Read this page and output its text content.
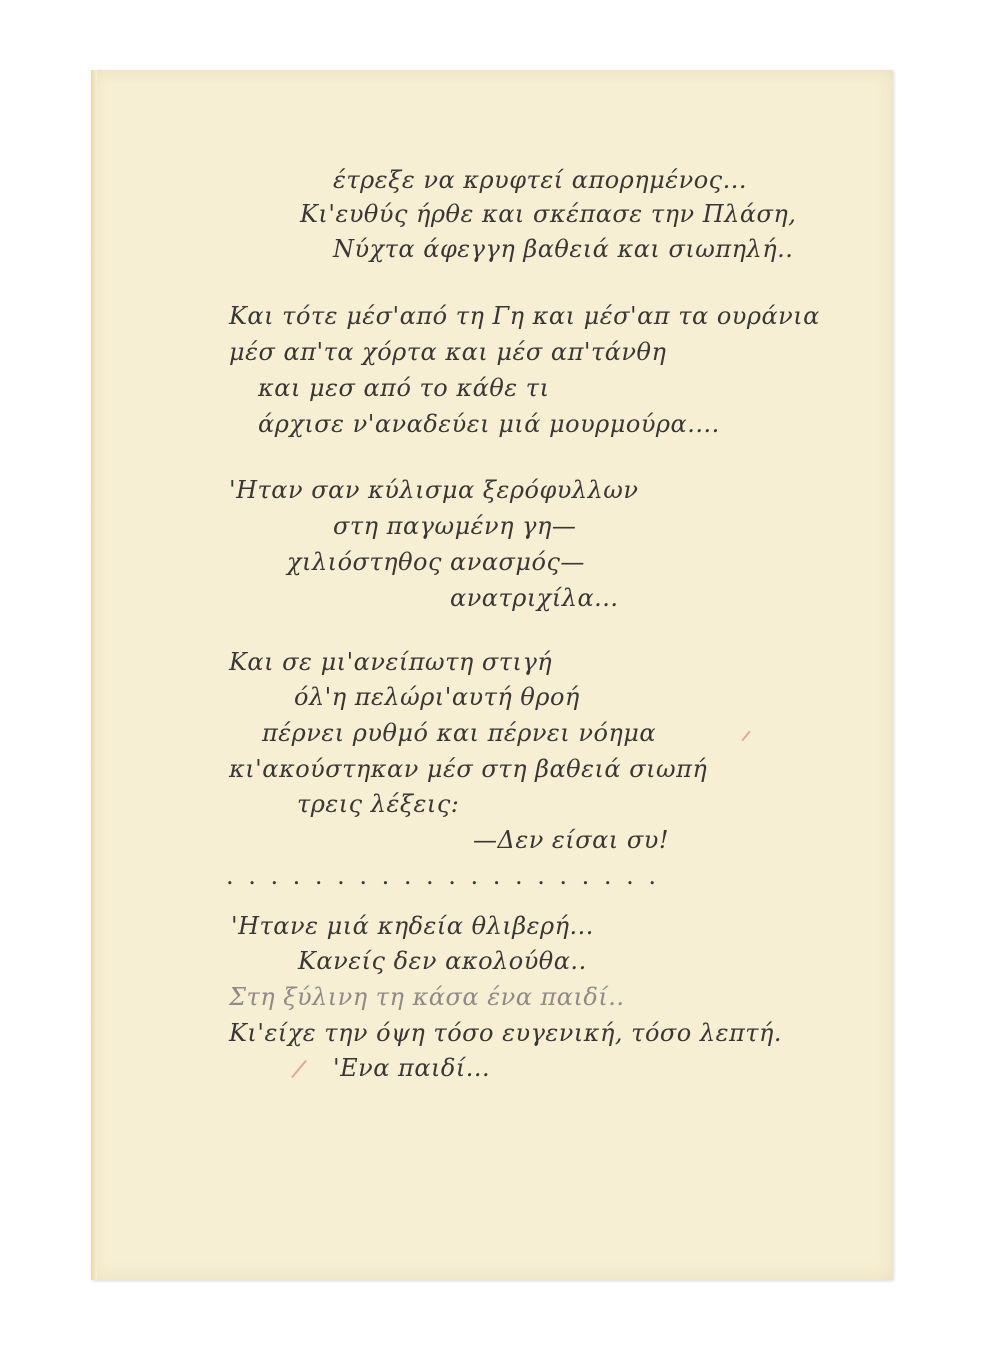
έτρεξε να κρυφτεί απορημένος...
Κι'ευθύς ήρθε και σκέπασε την Πλάση,
Νύχτα άφεγγη βαθειά και σιωπηλή..
Και τότε μέσ'από τη Γη και μέσ'απ τα ουράνια
μέσ απ'τα χόρτα και μέσ απ'τάνθη
και μεσ από το κάθε τι
άρχισε ν'αναδεύει μιά μουρμούρα....
'Ηταν σαν κύλισμα ξερόφυλλων
στη παγωμένη γη—
χιλιόστηθος ανασμός—
ανατριχίλα...
Και σε μι'ανείπωτη στιγή
όλ'η πελώρι'αυτή θροή
πέρνει ρυθμό και πέρνει νόημα
κι'ακούστηκαν μέσ στη βαθειά σιωπή
τρεις λέξεις:
—Δεν είσαι συ!
....................
'Ητανε μιά κηδεία θλιβερή...
Κανείς δεν ακολούθα..
Στη ξύλινη τη κάσα ένα παιδί..
Κι'είχε την όψη τόσο ευγενική, τόσο λεπτή.
'Ενα παιδί...
